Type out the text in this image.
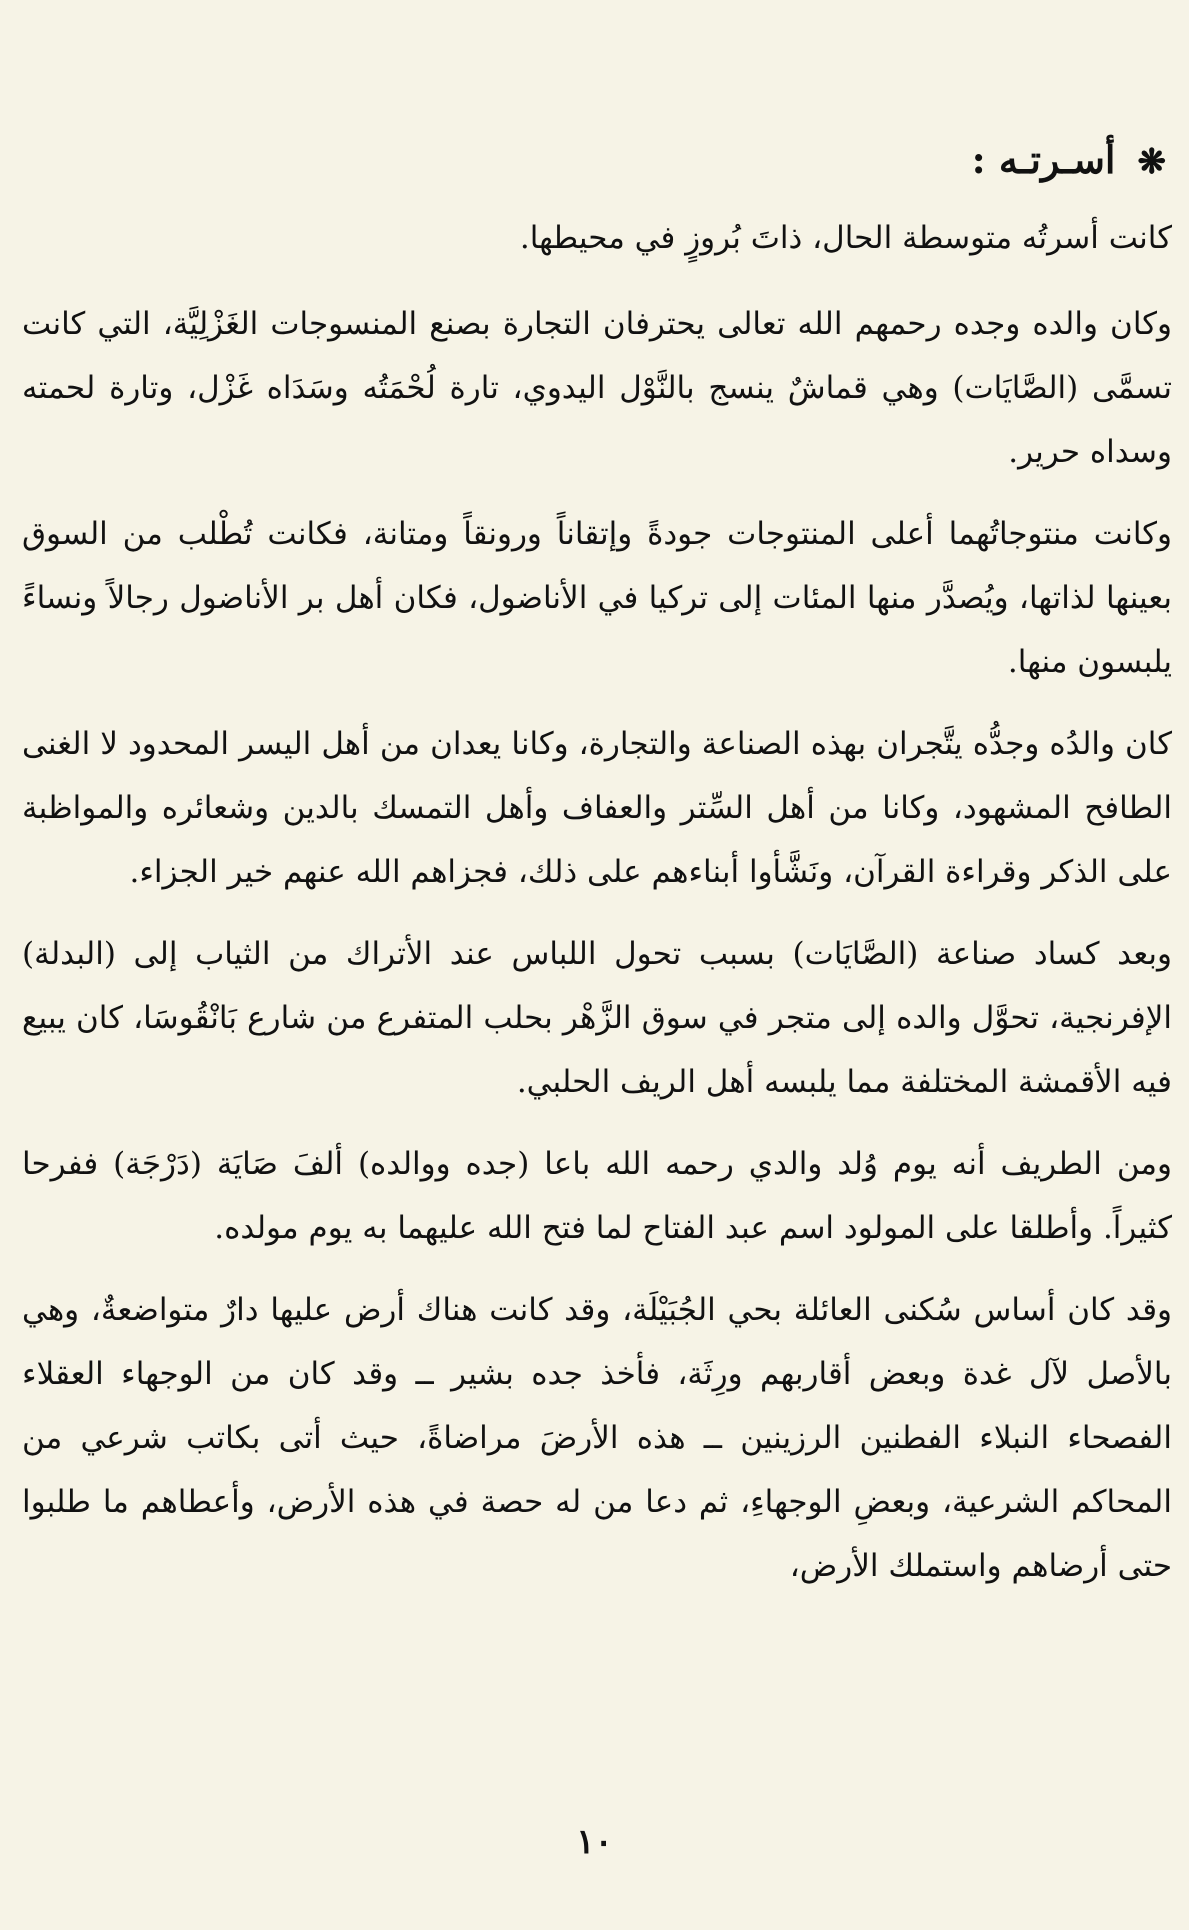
❋أسـرتـه :

كانت أسرتُه متوسطة الحال، ذاتَ بُروزٍ في محيطها.

وكان والده وجده رحمهم الله تعالى يحترفان التجارة بصنع المنسوجات الغَزْلِيَّة، التي كانت تسمَّى (الصَّايَات) وهي قماشٌ ينسج بالنَّوْل اليدوي، تارة لُحْمَتُه وسَدَاه غَزْل، وتارة لحمته وسداه حرير.

وكانت منتوجاتُهما أعلى المنتوجات جودةً وإتقاناً ورونقاً ومتانة، فكانت تُطْلب من السوق بعينها لذاتها، ويُصدَّر منها المئات إلى تركيا في الأناضول، فكان أهل بر الأناضول رجالاً ونساءً يلبسون منها.

كان والدُه وجدُّه يتَّجران بهذه الصناعة والتجارة، وكانا يعدان من أهل اليسر المحدود لا الغنى الطافح المشهود، وكانا من أهل السِّتر والعفاف وأهل التمسك بالدين وشعائره والمواظبة على الذكر وقراءة القرآن، ونَشَّأوا أبناءهم على ذلك، فجزاهم الله عنهم خير الجزاء.

وبعد كساد صناعة (الصَّايَات) بسبب تحول اللباس عند الأتراك من الثياب إلى (البدلة) الإفرنجية، تحوَّل والده إلى متجر في سوق الزَّهْر بحلب المتفرع من شارع بَانْقُوسَا، كان يبيع فيه الأقمشة المختلفة مما يلبسه أهل الريف الحلبي.

ومن الطريف أنه يوم وُلد والدي رحمه الله باعا (جده ووالده) ألفَ صَايَة (دَرْجَة) ففرحا كثيراً. وأطلقا على المولود اسم عبد الفتاح لما فتح الله عليهما به يوم مولده.

وقد كان أساس سُكنى العائلة بحي الجُبَيْلَة، وقد كانت هناك أرض عليها دارٌ متواضعةٌ، وهي بالأصل لآل غدة وبعض أقاربهم ورِثَة، فأخذ جده بشير ــ وقد كان من الوجهاء العقلاء الفصحاء النبلاء الفطنين الرزينين ــ هذه الأرضَ مراضاةً، حيث أتى بكاتب شرعي من المحاكم الشرعية، وبعضِ الوجهاءِ، ثم دعا من له حصة في هذه الأرض، وأعطاهم ما طلبوا حتى أرضاهم واستملك الأرض،

١٠
